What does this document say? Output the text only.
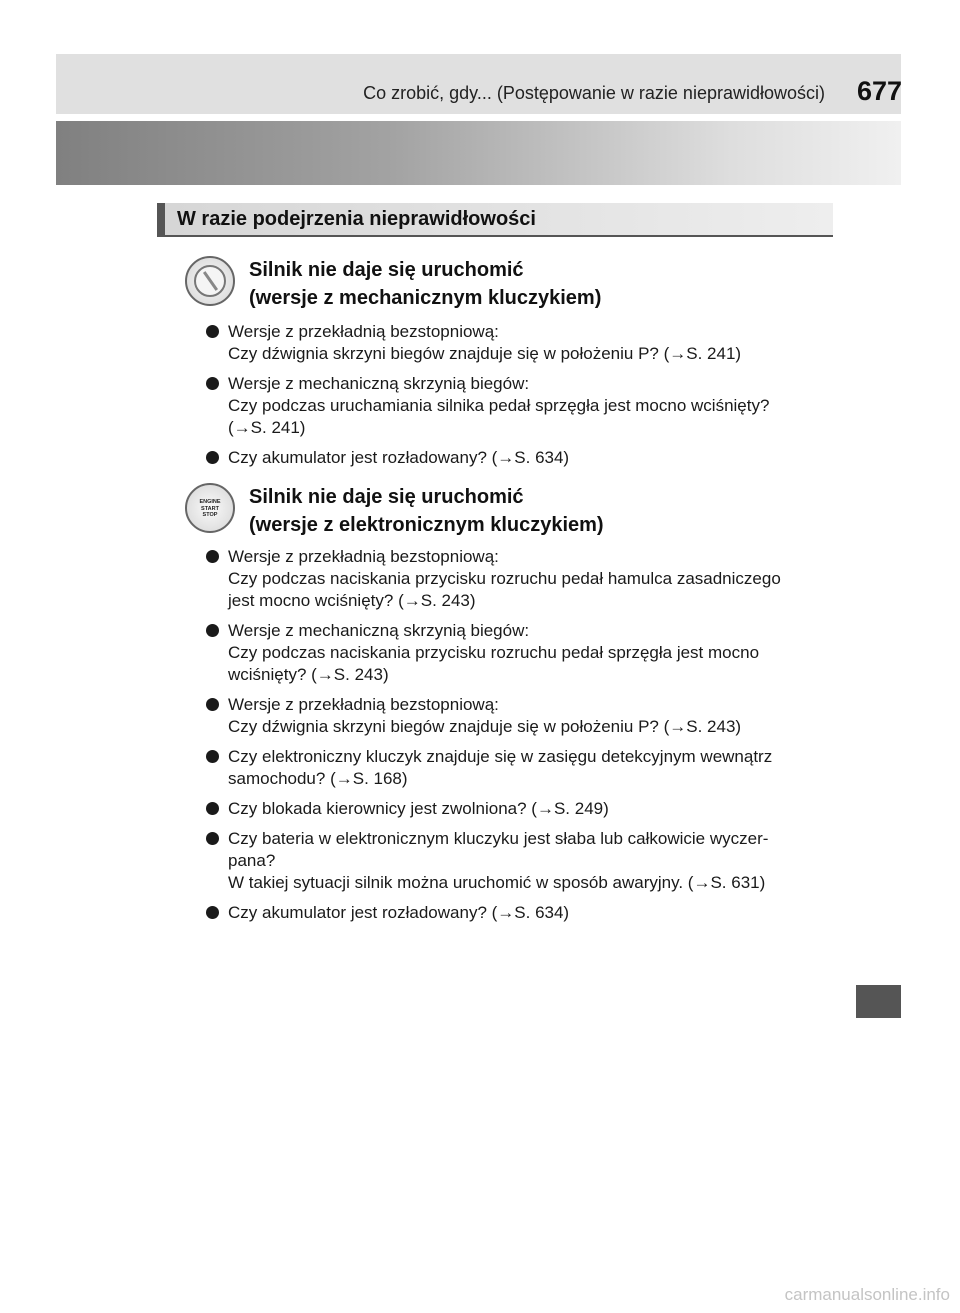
Co zrobić, gdy... (Postępowanie w razie nieprawidłowości) 677
W razie podejrzenia nieprawidłowości
Silnik nie daje się uruchomić
(wersje z mechanicznym kluczykiem)
Wersje z przekładnią bezstopniową:
Czy dźwignia skrzyni biegów znajduje się w położeniu P? (→S. 241)
Wersje z mechaniczną skrzynią biegów:
Czy podczas uruchamiania silnika pedał sprzęgła jest mocno wciśnięty?
(→S. 241)
Czy akumulator jest rozładowany? (→S. 634)
ENGINE
START
STOP
Silnik nie daje się uruchomić
(wersje z elektronicznym kluczykiem)
Wersje z przekładnią bezstopniową:
Czy podczas naciskania przycisku rozruchu pedał hamulca zasadniczego
jest mocno wciśnięty? (→S. 243)
Wersje z mechaniczną skrzynią biegów:
Czy podczas naciskania przycisku rozruchu pedał sprzęgła jest mocno
wciśnięty? (→S. 243)
Wersje z przekładnią bezstopniową:
Czy dźwignia skrzyni biegów znajduje się w położeniu P? (→S. 243)
Czy elektroniczny kluczyk znajduje się w zasięgu detekcyjnym wewnątrz
samochodu? (→S. 168)
Czy blokada kierownicy jest zwolniona? (→S. 249)
Czy bateria w elektronicznym kluczyku jest słaba lub całkowicie wyczer-
pana?
W takiej sytuacji silnik można uruchomić w sposób awaryjny. (→S. 631)
Czy akumulator jest rozładowany? (→S. 634)
carmanualsonline.info
